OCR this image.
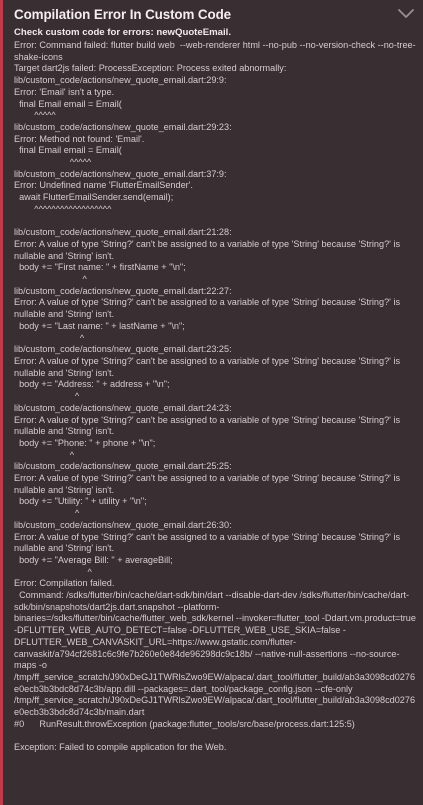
Compilation Error In Custom Code
Check custom code for errors: newQuoteEmail.
Error: Command failed: flutter build web  --web-renderer html --no-pub --no-version-check --no-tree-shake-icons
Target dart2js failed: ProcessException: Process exited abnormally:
lib/custom_code/actions/new_quote_email.dart:29:9:
Error: 'Email' isn't a type.
final Email email = Email(
^^^^^
lib/custom_code/actions/new_quote_email.dart:29:23:
Error: Method not found: 'Email'.
final Email email = Email(
^^^^^
lib/custom_code/actions/new_quote_email.dart:37:9:
Error: Undefined name 'FlutterEmailSender'.
await FlutterEmailSender.send(email);
^^^^^^^^^^^^^^^^^^

lib/custom_code/actions/new_quote_email.dart:21:28:
Error: A value of type 'String?' can't be assigned to a variable of type 'String' because 'String?' is nullable and 'String' isn't.
body += "First name: " + firstName + "\n";
^
lib/custom_code/actions/new_quote_email.dart:22:27:
Error: A value of type 'String?' can't be assigned to a variable of type 'String' because 'String?' is nullable and 'String' isn't.
body += "Last name: " + lastName + "\n";
^
lib/custom_code/actions/new_quote_email.dart:23:25:
Error: A value of type 'String?' can't be assigned to a variable of type 'String' because 'String?' is nullable and 'String' isn't.
body += "Address: " + address + "\n";
^
lib/custom_code/actions/new_quote_email.dart:24:23:
Error: A value of type 'String?' can't be assigned to a variable of type 'String' because 'String?' is nullable and 'String' isn't.
body += "Phone: " + phone + "\n";
^
lib/custom_code/actions/new_quote_email.dart:25:25:
Error: A value of type 'String?' can't be assigned to a variable of type 'String' because 'String?' is nullable and 'String' isn't.
body += "Utility: " + utility + "\n";
^
lib/custom_code/actions/new_quote_email.dart:26:30:
Error: A value of type 'String?' can't be assigned to a variable of type 'String' because 'String?' is nullable and 'String' isn't.
body += "Average Bill: " + averageBill;
^
Error: Compilation failed.
Command: /sdks/flutter/bin/cache/dart-sdk/bin/dart --disable-dart-dev /sdks/flutter/bin/cache/dart-sdk/bin/snapshots/dart2js.dart.snapshot --platform-binaries=/sdks/flutter/bin/cache/flutter_web_sdk/kernel --invoker=flutter_tool -Ddart.vm.product=true -DFLUTTER_WEB_AUTO_DETECT=false -DFLUTTER_WEB_USE_SKIA=false -DFLUTTER_WEB_CANVASKIT_URL=https://www.gstatic.com/flutter-canvaskit/a794cf2681c6c9fe7b260e0e84de96298dc9c18b/ --native-null-assertions --no-source-maps -o /tmp/ff_service_scratch/J90xDeGJ1TWRlsZwo9EW/alpaca/.dart_tool/flutter_build/ab3a3098cd0276e0ecb3b3bdc8d74c3b/app.dill --packages=.dart_tool/package_config.json --cfe-only /tmp/ff_service_scratch/J90xDeGJ1TWRlsZwo9EW/alpaca/.dart_tool/flutter_build/ab3a3098cd0276e0ecb3b3bdc8d74c3b/main.dart
#0      RunResult.throwException (package:flutter_tools/src/base/process.dart:125:5)

Exception: Failed to compile application for the Web.
